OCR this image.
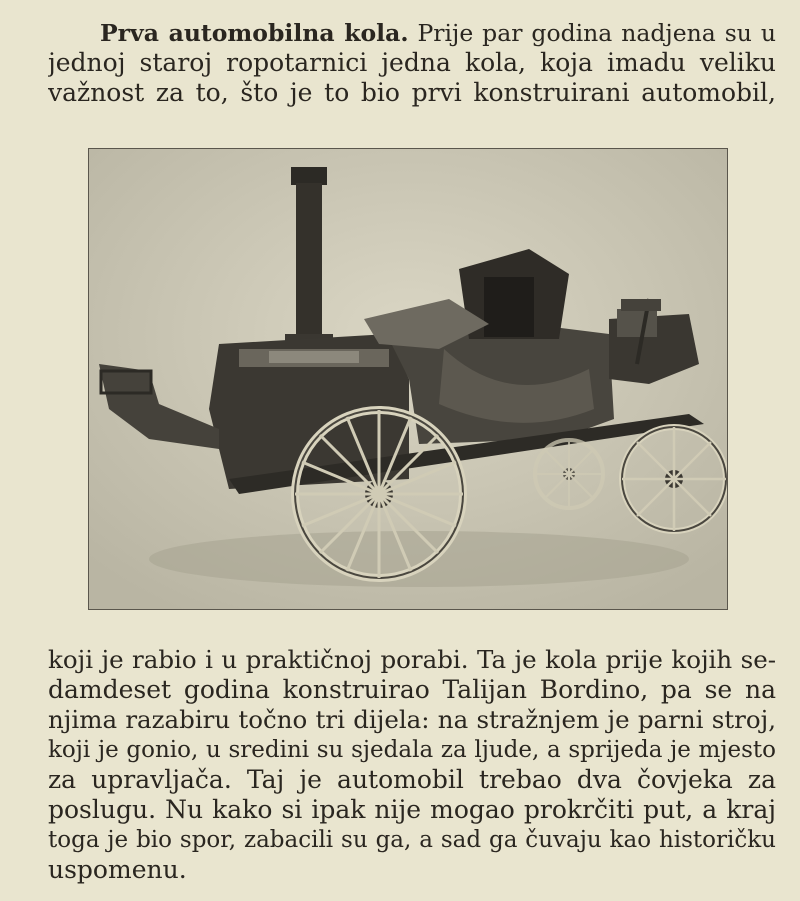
Prva automobilna kola. Prije par godina nadjena su u
jednoj staroj ropotarnici jedna kola, koja imadu veliku
važnost za to, što je to bio prvi konstruirani automobil,
koji je rabio i u praktičnoj porabi. Ta je kola prije kojih se-
damdeset godina konstruirao Talijan Bordino, pa se na
njima razabiru točno tri dijela: na stražnjem je parni stroj,
koji je gonio, u sredini su sjedala za ljude, a sprijeda je mjesto
za upravljača. Taj je automobil trebao dva čovjeka za
poslugu. Nu kako si ipak nije mogao prokrčiti put, a kraj
toga je bio spor, zabacili su ga, a sad ga čuvaju kao historičku
uspomenu.
